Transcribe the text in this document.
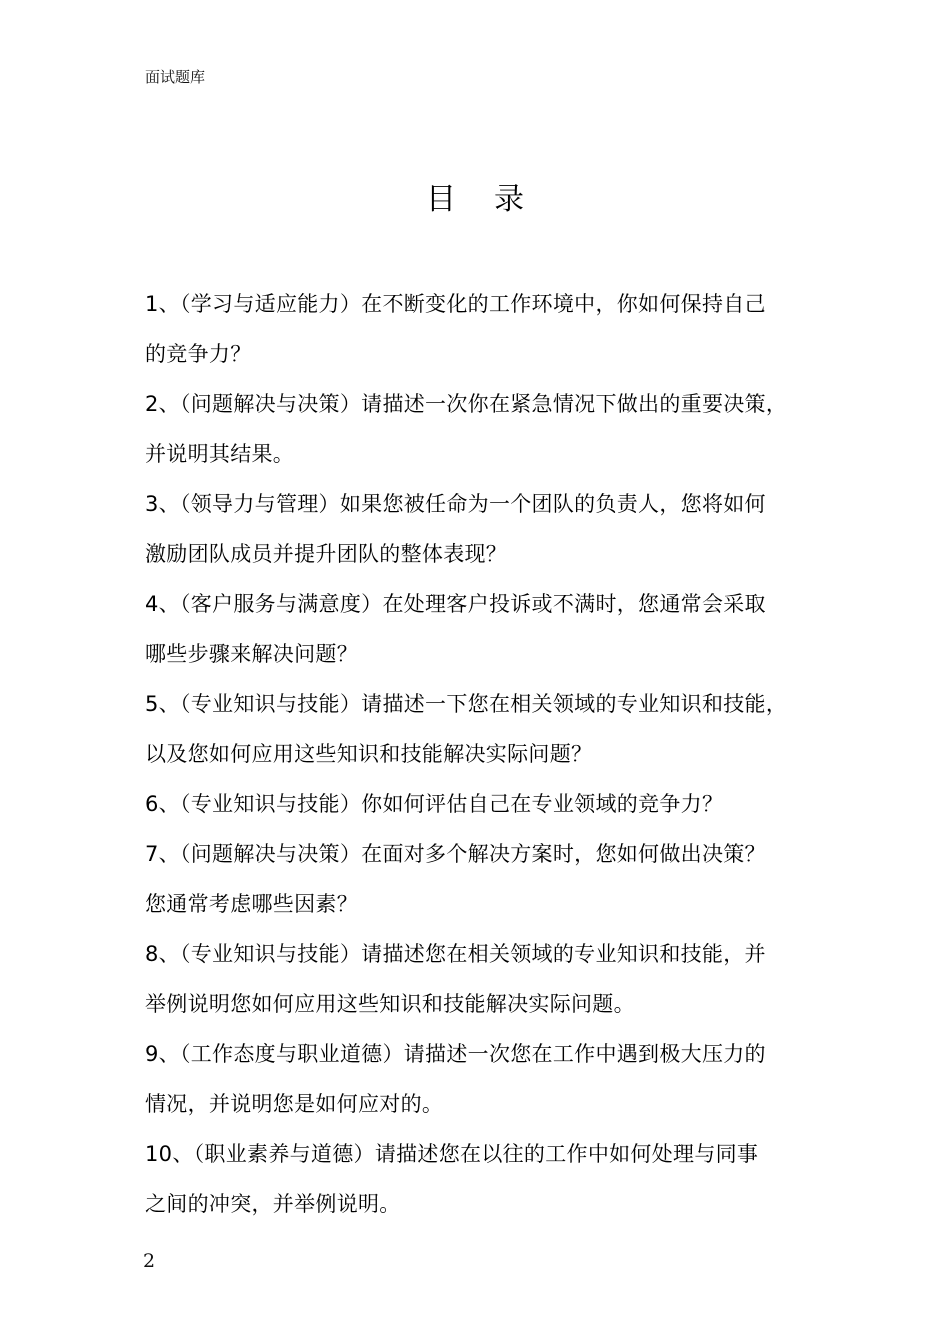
面试题库
目录
1、（学习与适应能力）在不断变化的工作环境中，你如何保持自己
的竞争力？
2、（问题解决与决策）请描述一次你在紧急情况下做出的重要决策，
并说明其结果。
3、（领导力与管理）如果您被任命为一个团队的负责人，您将如何
激励团队成员并提升团队的整体表现？
4、（客户服务与满意度）在处理客户投诉或不满时，您通常会采取
哪些步骤来解决问题？
5、（专业知识与技能）请描述一下您在相关领域的专业知识和技能，
以及您如何应用这些知识和技能解决实际问题？
6、（专业知识与技能）你如何评估自己在专业领域的竞争力？
7、（问题解决与决策）在面对多个解决方案时，您如何做出决策？
您通常考虑哪些因素？
8、（专业知识与技能）请描述您在相关领域的专业知识和技能，并
举例说明您如何应用这些知识和技能解决实际问题。
9、（工作态度与职业道德）请描述一次您在工作中遇到极大压力的
情况，并说明您是如何应对的。
10、（职业素养与道德）请描述您在以往的工作中如何处理与同事
之间的冲突，并举例说明。
2
